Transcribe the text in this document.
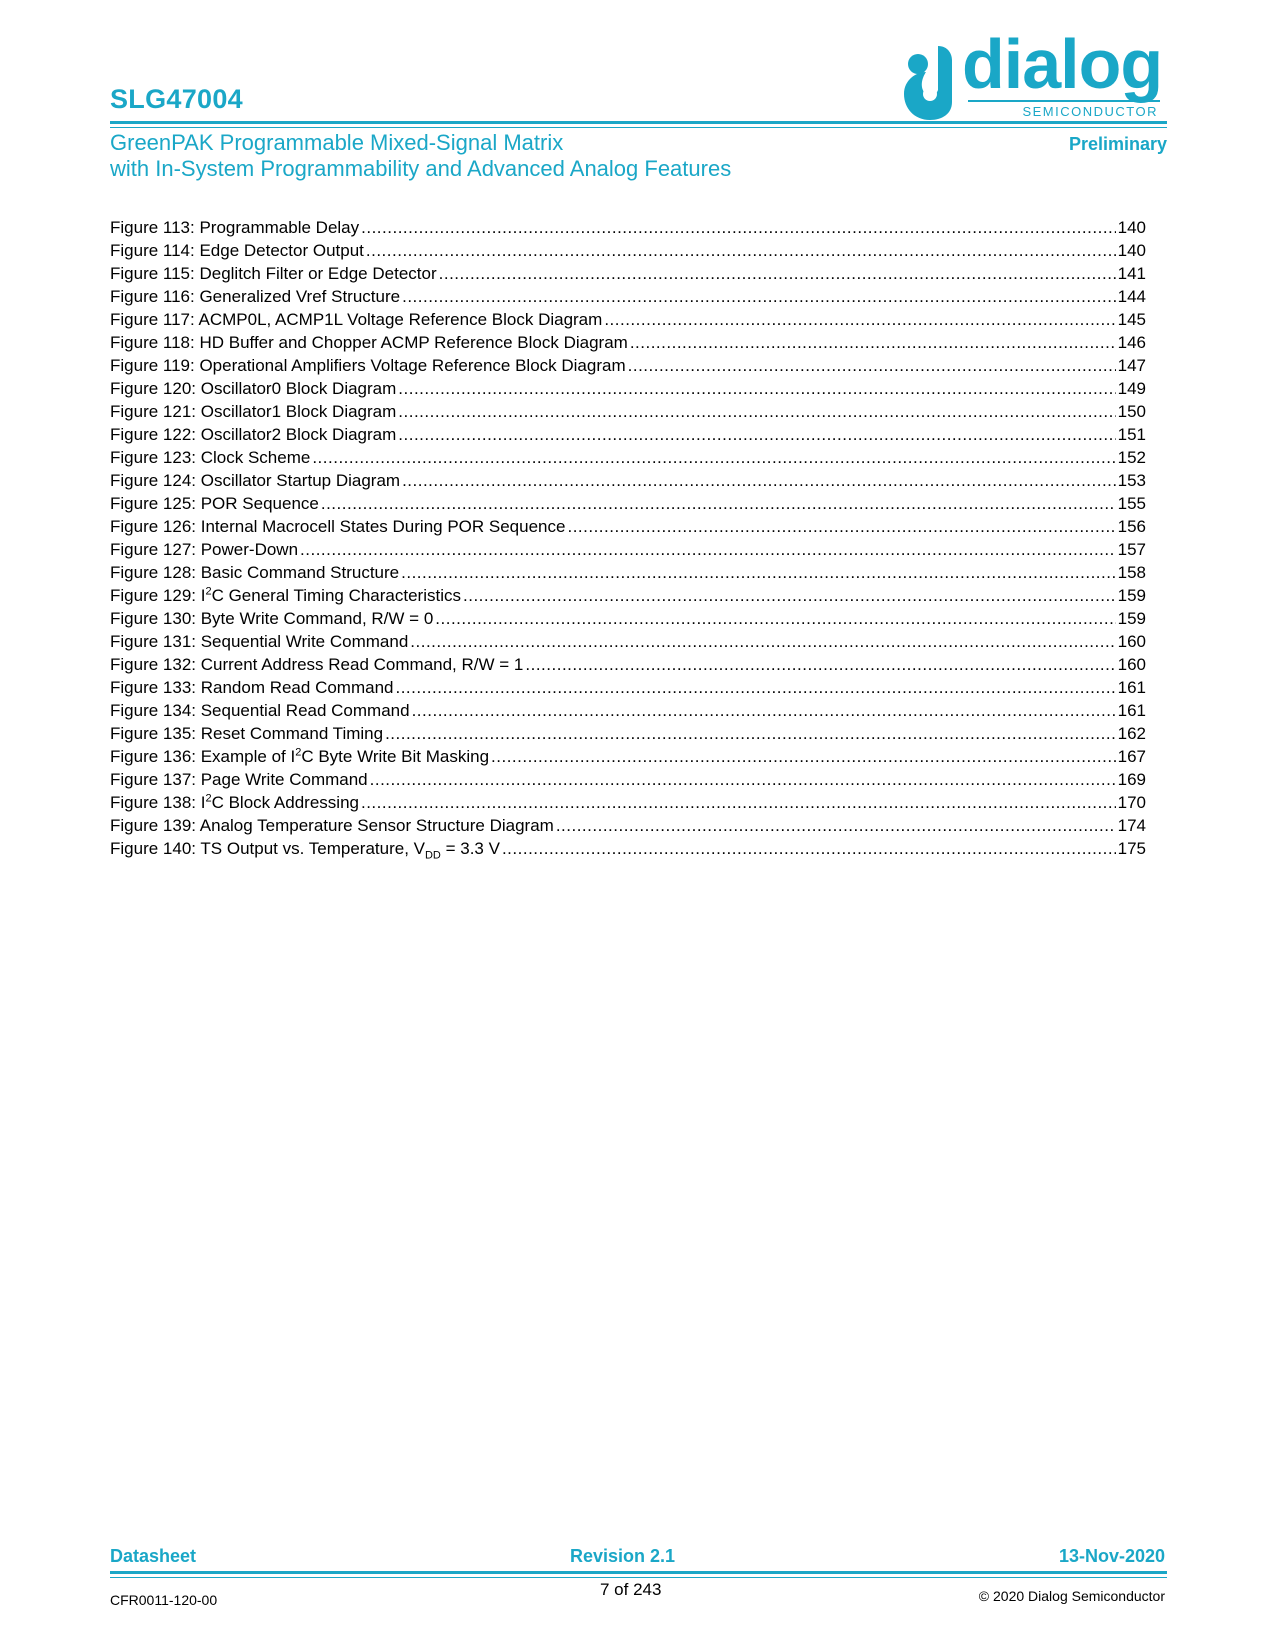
SLG47004	dialog
SEMICONDUCTOR
GreenPAK Programmable Mixed-Signal Matrix
with In-System Programmability and Advanced Analog Features
Preliminary
Figure 113: Programmable Delay .....	140
Figure 114: Edge Detector Output .....	140
Figure 115: Deglitch Filter or Edge Detector .....	141
Figure 116: Generalized Vref Structure .....	144
Figure 117: ACMP0L, ACMP1L Voltage Reference Block Diagram .....	145
Figure 118: HD Buffer and Chopper ACMP Reference Block Diagram .....	146
Figure 119: Operational Amplifiers Voltage Reference Block Diagram .....	147
Figure 120: Oscillator0 Block Diagram .....	149
Figure 121: Oscillator1 Block Diagram .....	150
Figure 122: Oscillator2 Block Diagram .....	151
Figure 123: Clock Scheme .....	152
Figure 124: Oscillator Startup Diagram .....	153
Figure 125: POR Sequence .....	155
Figure 126: Internal Macrocell States During POR Sequence .....	156
Figure 127: Power-Down .....	157
Figure 128: Basic Command Structure .....	158
Figure 129: $I^2C$ General Timing Characteristics .....	159
Figure 130: Byte Write Command, R/W = 0 .....	159
Figure 131: Sequential Write Command .....	160
Figure 132: Current Address Read Command, R/W = 1 .....	160
Figure 133: Random Read Command .....	161
Figure 134: Sequential Read Command .....	161
Figure 135: Reset Command Timing .....	162
Figure 136: Example of $I^2C$ Byte Write Bit Masking .....	167
Figure 137: Page Write Command .....	169
Figure 138: $I^2C$ Block Addressing .....	170
Figure 139: Analog Temperature Sensor Structure Diagram .....	174
Figure 140: TS Output vs. Temperature, $V_{DD} = 3.3$ V .....	175
Datasheet	Revision 2.1	13-Nov-2020
CFR0011-120-00
7 of 243	© 2020 Dialog Semiconductor
